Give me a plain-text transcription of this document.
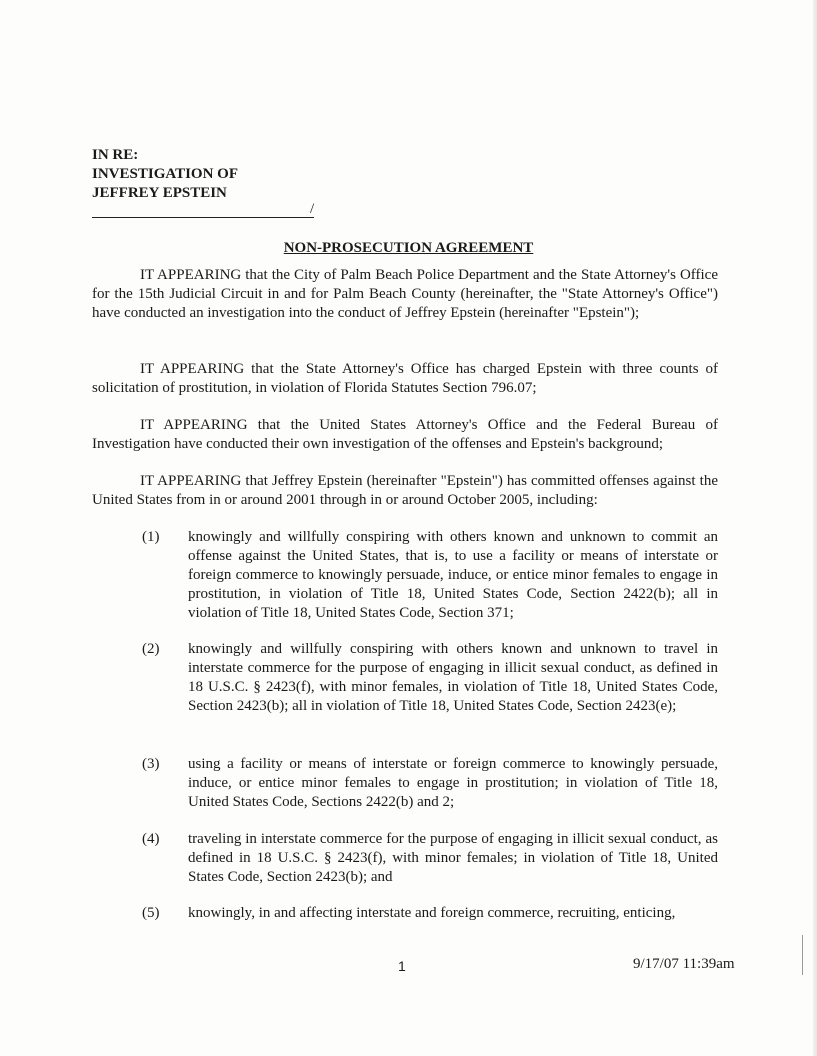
IN RE:
INVESTIGATION OF
JEFFREY EPSTEIN
/
NON-PROSECUTION AGREEMENT
IT APPEARING that the City of Palm Beach Police Department and the State Attorney's Office for the 15th Judicial Circuit in and for Palm Beach County (hereinafter, the "State Attorney's Office") have conducted an investigation into the conduct of Jeffrey Epstein (hereinafter "Epstein");
IT APPEARING that the State Attorney's Office has charged Epstein with three counts of solicitation of prostitution, in violation of Florida Statutes Section 796.07;
IT APPEARING that the United States Attorney's Office and the Federal Bureau of Investigation have conducted their own investigation of the offenses and Epstein's background;
IT APPEARING that Jeffrey Epstein (hereinafter "Epstein") has committed offenses against the United States from in or around 2001 through in or around October 2005, including:
(1) knowingly and willfully conspiring with others known and unknown to commit an offense against the United States, that is, to use a facility or means of interstate or foreign commerce to knowingly persuade, induce, or entice minor females to engage in prostitution, in violation of Title 18, United States Code, Section 2422(b); all in violation of Title 18, United States Code, Section 371;
(2) knowingly and willfully conspiring with others known and unknown to travel in interstate commerce for the purpose of engaging in illicit sexual conduct, as defined in 18 U.S.C. § 2423(f), with minor females, in violation of Title 18, United States Code, Section 2423(b); all in violation of Title 18, United States Code, Section 2423(e);
(3) using a facility or means of interstate or foreign commerce to knowingly persuade, induce, or entice minor females to engage in prostitution; in violation of Title 18, United States Code, Sections 2422(b) and 2;
(4) traveling in interstate commerce for the purpose of engaging in illicit sexual conduct, as defined in 18 U.S.C. § 2423(f), with minor females; in violation of Title 18, United States Code, Section 2423(b); and
(5) knowingly, in and affecting interstate and foreign commerce, recruiting, enticing,
1	9/17/07 11:39am
